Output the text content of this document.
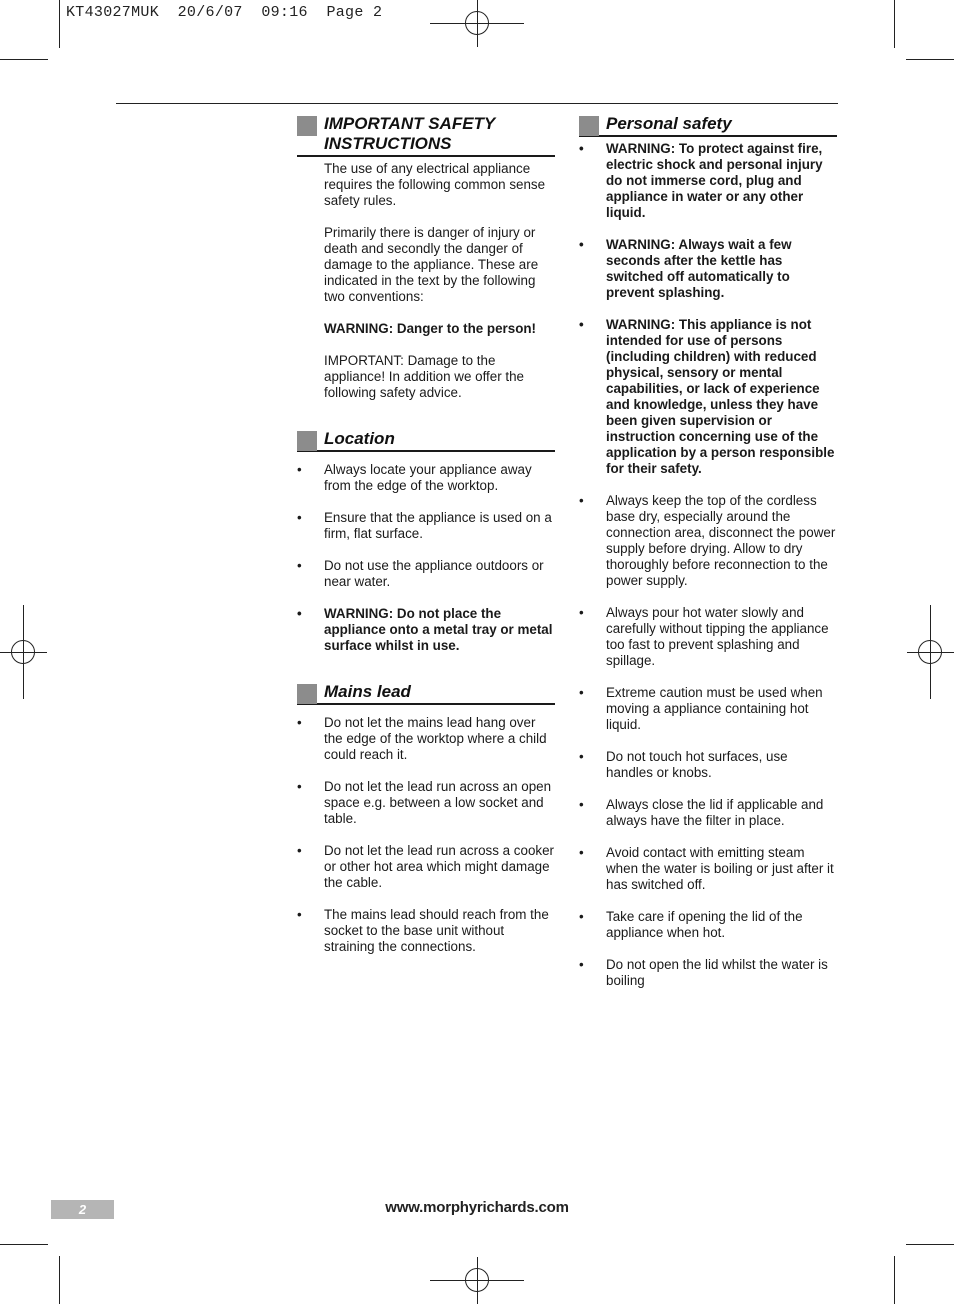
KT43027MUK  20/6/07  09:16  Page 2
IMPORTANT SAFETY INSTRUCTIONS

The use of any electrical appliance requires the following common sense safety rules.

Primarily there is danger of injury or death and secondly the danger of damage to the appliance. These are indicated in the text by the following two conventions:

WARNING: Danger to the person!

IMPORTANT: Damage to the appliance! In addition we offer the following safety advice.

Location
• Always locate your appliance away from the edge of the worktop.
• Ensure that the appliance is used on a firm, flat surface.
• Do not use the appliance outdoors or near water.
• WARNING: Do not place the appliance onto a metal tray or metal surface whilst in use.
Mains lead
• Do not let the mains lead hang over the edge of the worktop where a child could reach it.
• Do not let the lead run across an open space e.g. between a low socket and table.
• Do not let the lead run across a cooker or other hot area which might damage the cable.
• The mains lead should reach from the socket to the base unit without straining the connections.
Personal safety
• WARNING: To protect against fire, electric shock and personal injury do not immerse cord, plug and appliance in water or any other liquid.
• WARNING: Always wait a few seconds after the kettle has switched off automatically to prevent splashing.
• WARNING: This appliance is not intended for use of persons (including children) with reduced physical, sensory or mental capabilities, or lack of experience and knowledge, unless they have been given supervision or instruction concerning use of the application by a person responsible for their safety.
• Always keep the top of the cordless base dry, especially around the connection area, disconnect the power supply before drying. Allow to dry thoroughly before reconnection to the power supply.
• Always pour hot water slowly and carefully without tipping the appliance too fast to prevent splashing and spillage.
• Extreme caution must be used when moving a appliance containing hot liquid.
• Do not touch hot surfaces, use handles or knobs.
• Always close the lid if applicable and always have the filter in place.
• Avoid contact with emitting steam when the water is boiling or just after it has switched off.
• Take care if opening the lid of the appliance when hot.
• Do not open the lid whilst the water is boiling
2	www.morphyrichards.com
